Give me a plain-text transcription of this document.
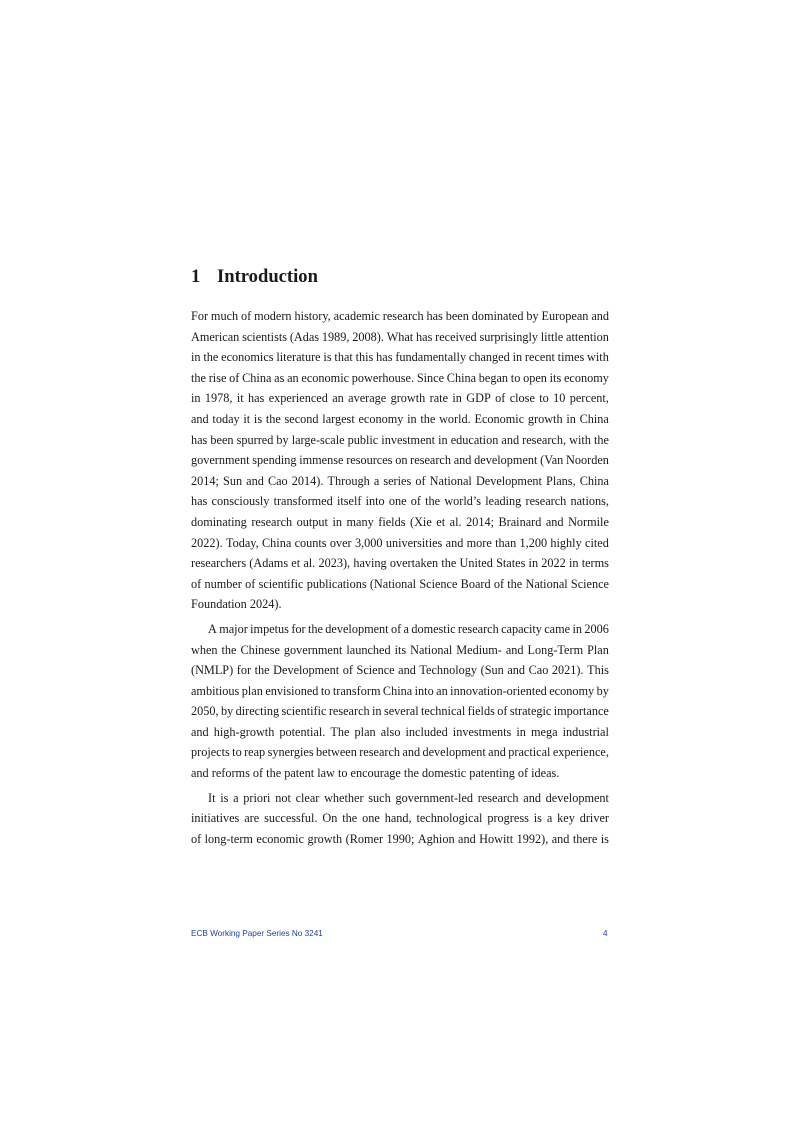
1 Introduction
For much of modern history, academic research has been dominated by European and
American scientists (Adas 1989, 2008). What has received surprisingly little attention
in the economics literature is that this has fundamentally changed in recent times with
the rise of China as an economic powerhouse. Since China began to open its economy
in 1978, it has experienced an average growth rate in GDP of close to 10 percent,
and today it is the second largest economy in the world. Economic growth in China
has been spurred by large-scale public investment in education and research, with the
government spending immense resources on research and development (Van Noorden
2014; Sun and Cao 2014). Through a series of National Development Plans, China
has consciously transformed itself into one of the world’s leading research nations,
dominating research output in many fields (Xie et al. 2014; Brainard and Normile
2022). Today, China counts over 3,000 universities and more than 1,200 highly cited
researchers (Adams et al. 2023), having overtaken the United States in 2022 in terms
of number of scientific publications (National Science Board of the National Science
Foundation 2024).
A major impetus for the development of a domestic research capacity came in 2006
when the Chinese government launched its National Medium- and Long-Term Plan
(NMLP) for the Development of Science and Technology (Sun and Cao 2021). This
ambitious plan envisioned to transform China into an innovation-oriented economy by
2050, by directing scientific research in several technical fields of strategic importance
and high-growth potential. The plan also included investments in mega industrial
projects to reap synergies between research and development and practical experience,
and reforms of the patent law to encourage the domestic patenting of ideas.
It is a priori not clear whether such government-led research and development
initiatives are successful. On the one hand, technological progress is a key driver
of long-term economic growth (Romer 1990; Aghion and Howitt 1992), and there is
ECB Working Paper Series No 3241	4
